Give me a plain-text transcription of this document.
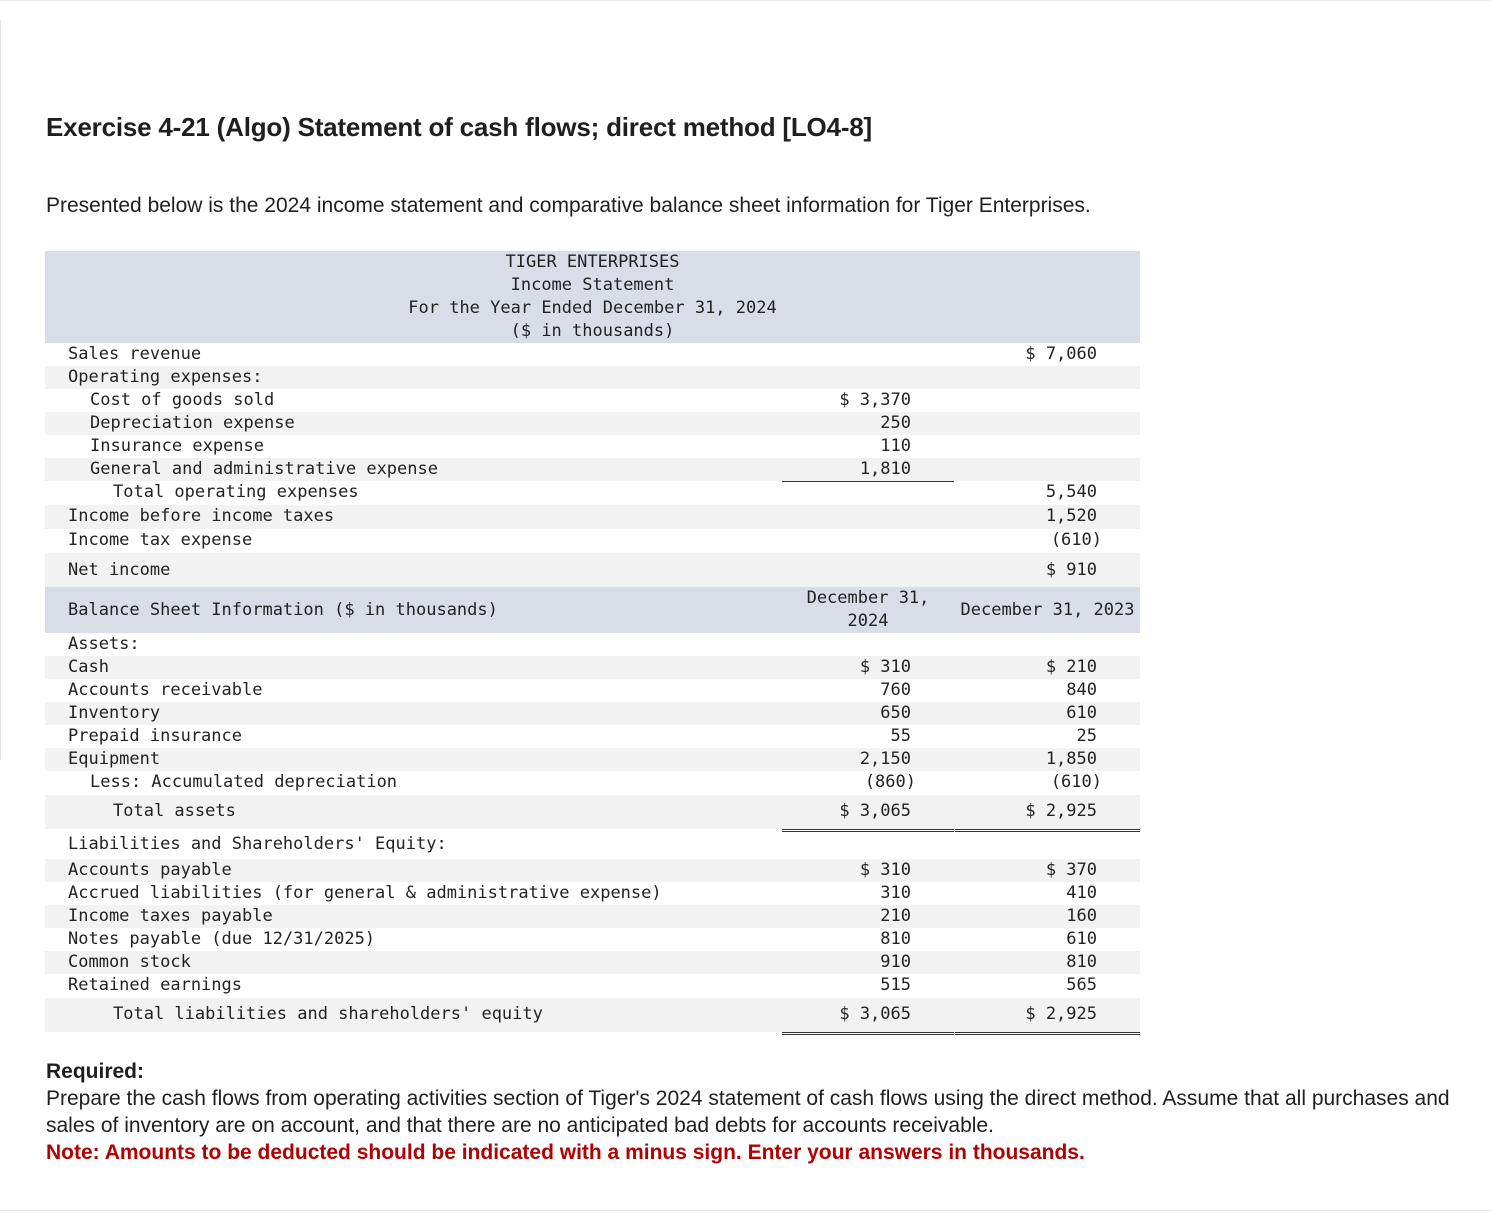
Exercise 4-21 (Algo) Statement of cash flows; direct method [LO4-8]

Presented below is the 2024 income statement and comparative balance sheet information for Tiger Enterprises.

TIGER ENTERPRISES
Income Statement
For the Year Ended December 31, 2024
($ in thousands)
Sales revenue	$ 7,060
Operating expenses:
Cost of goods sold	$ 3,370
Depreciation expense	250
Insurance expense	110
General and administrative expense	1,810
Total operating expenses	5,540
Income before income taxes	1,520
Income tax expense	(610)
Net income	$ 910
Balance Sheet Information ($ in thousands)
December 31,
2024
December 31, 2023
Assets:
Cash	$ 310	$ 210
Accounts receivable	760	840
Inventory	650	610
Prepaid insurance	55	25
Equipment	2,150	1,850
Less: Accumulated depreciation	(860)	(610)
Total assets	$ 3,065	$ 2,925
Liabilities and Shareholders' Equity:
Accounts payable	$ 310	$ 370
Accrued liabilities (for general & administrative expense)	310	410
Income taxes payable	210	160
Notes payable (due 12/31/2025)	810	610
Common stock	910	810
Retained earnings	515	565
Total liabilities and shareholders' equity	$ 3,065	$ 2,925
Required:
Prepare the cash flows from operating activities section of Tiger's 2024 statement of cash flows using the direct method. Assume that all purchases and sales of inventory are on account, and that there are no anticipated bad debts for accounts receivable.
Note: Amounts to be deducted should be indicated with a minus sign. Enter your answers in thousands.
